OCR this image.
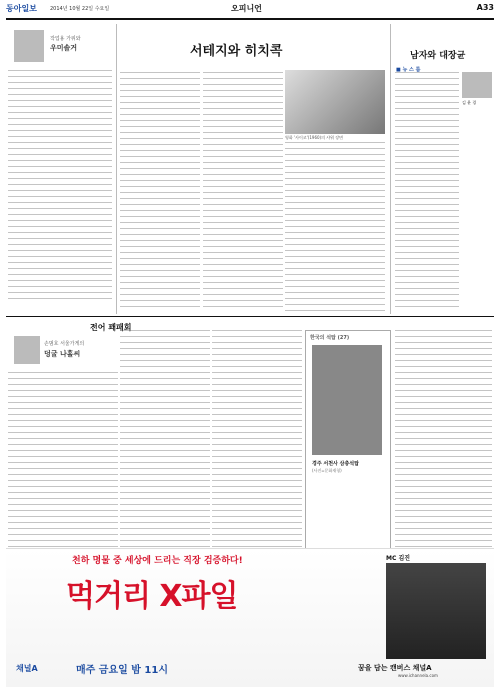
동아일보	2014년 10월 22일 수요일	오피니언	A33
작업용 가위와
우미솔거	서테지와 히치콕
영화 '사이코'(1960)의 샤워 장면
남자와 대장균
■ 뉴 스 룸
김 윤 경
전어 꽤패회
손범호 서울가게의
덩굴 나홀씨
한국의 석탑 (27)
경주 서천사 삼층석탑
(사진=문화재청)
천하 명물 중 세상에 드리는 직장 검증하다!
먹거리 X파일
MC 김진
채널A	매주 금요일 밤 11시	꿈을 담는 캔버스 채널A
www.ichannela.com
